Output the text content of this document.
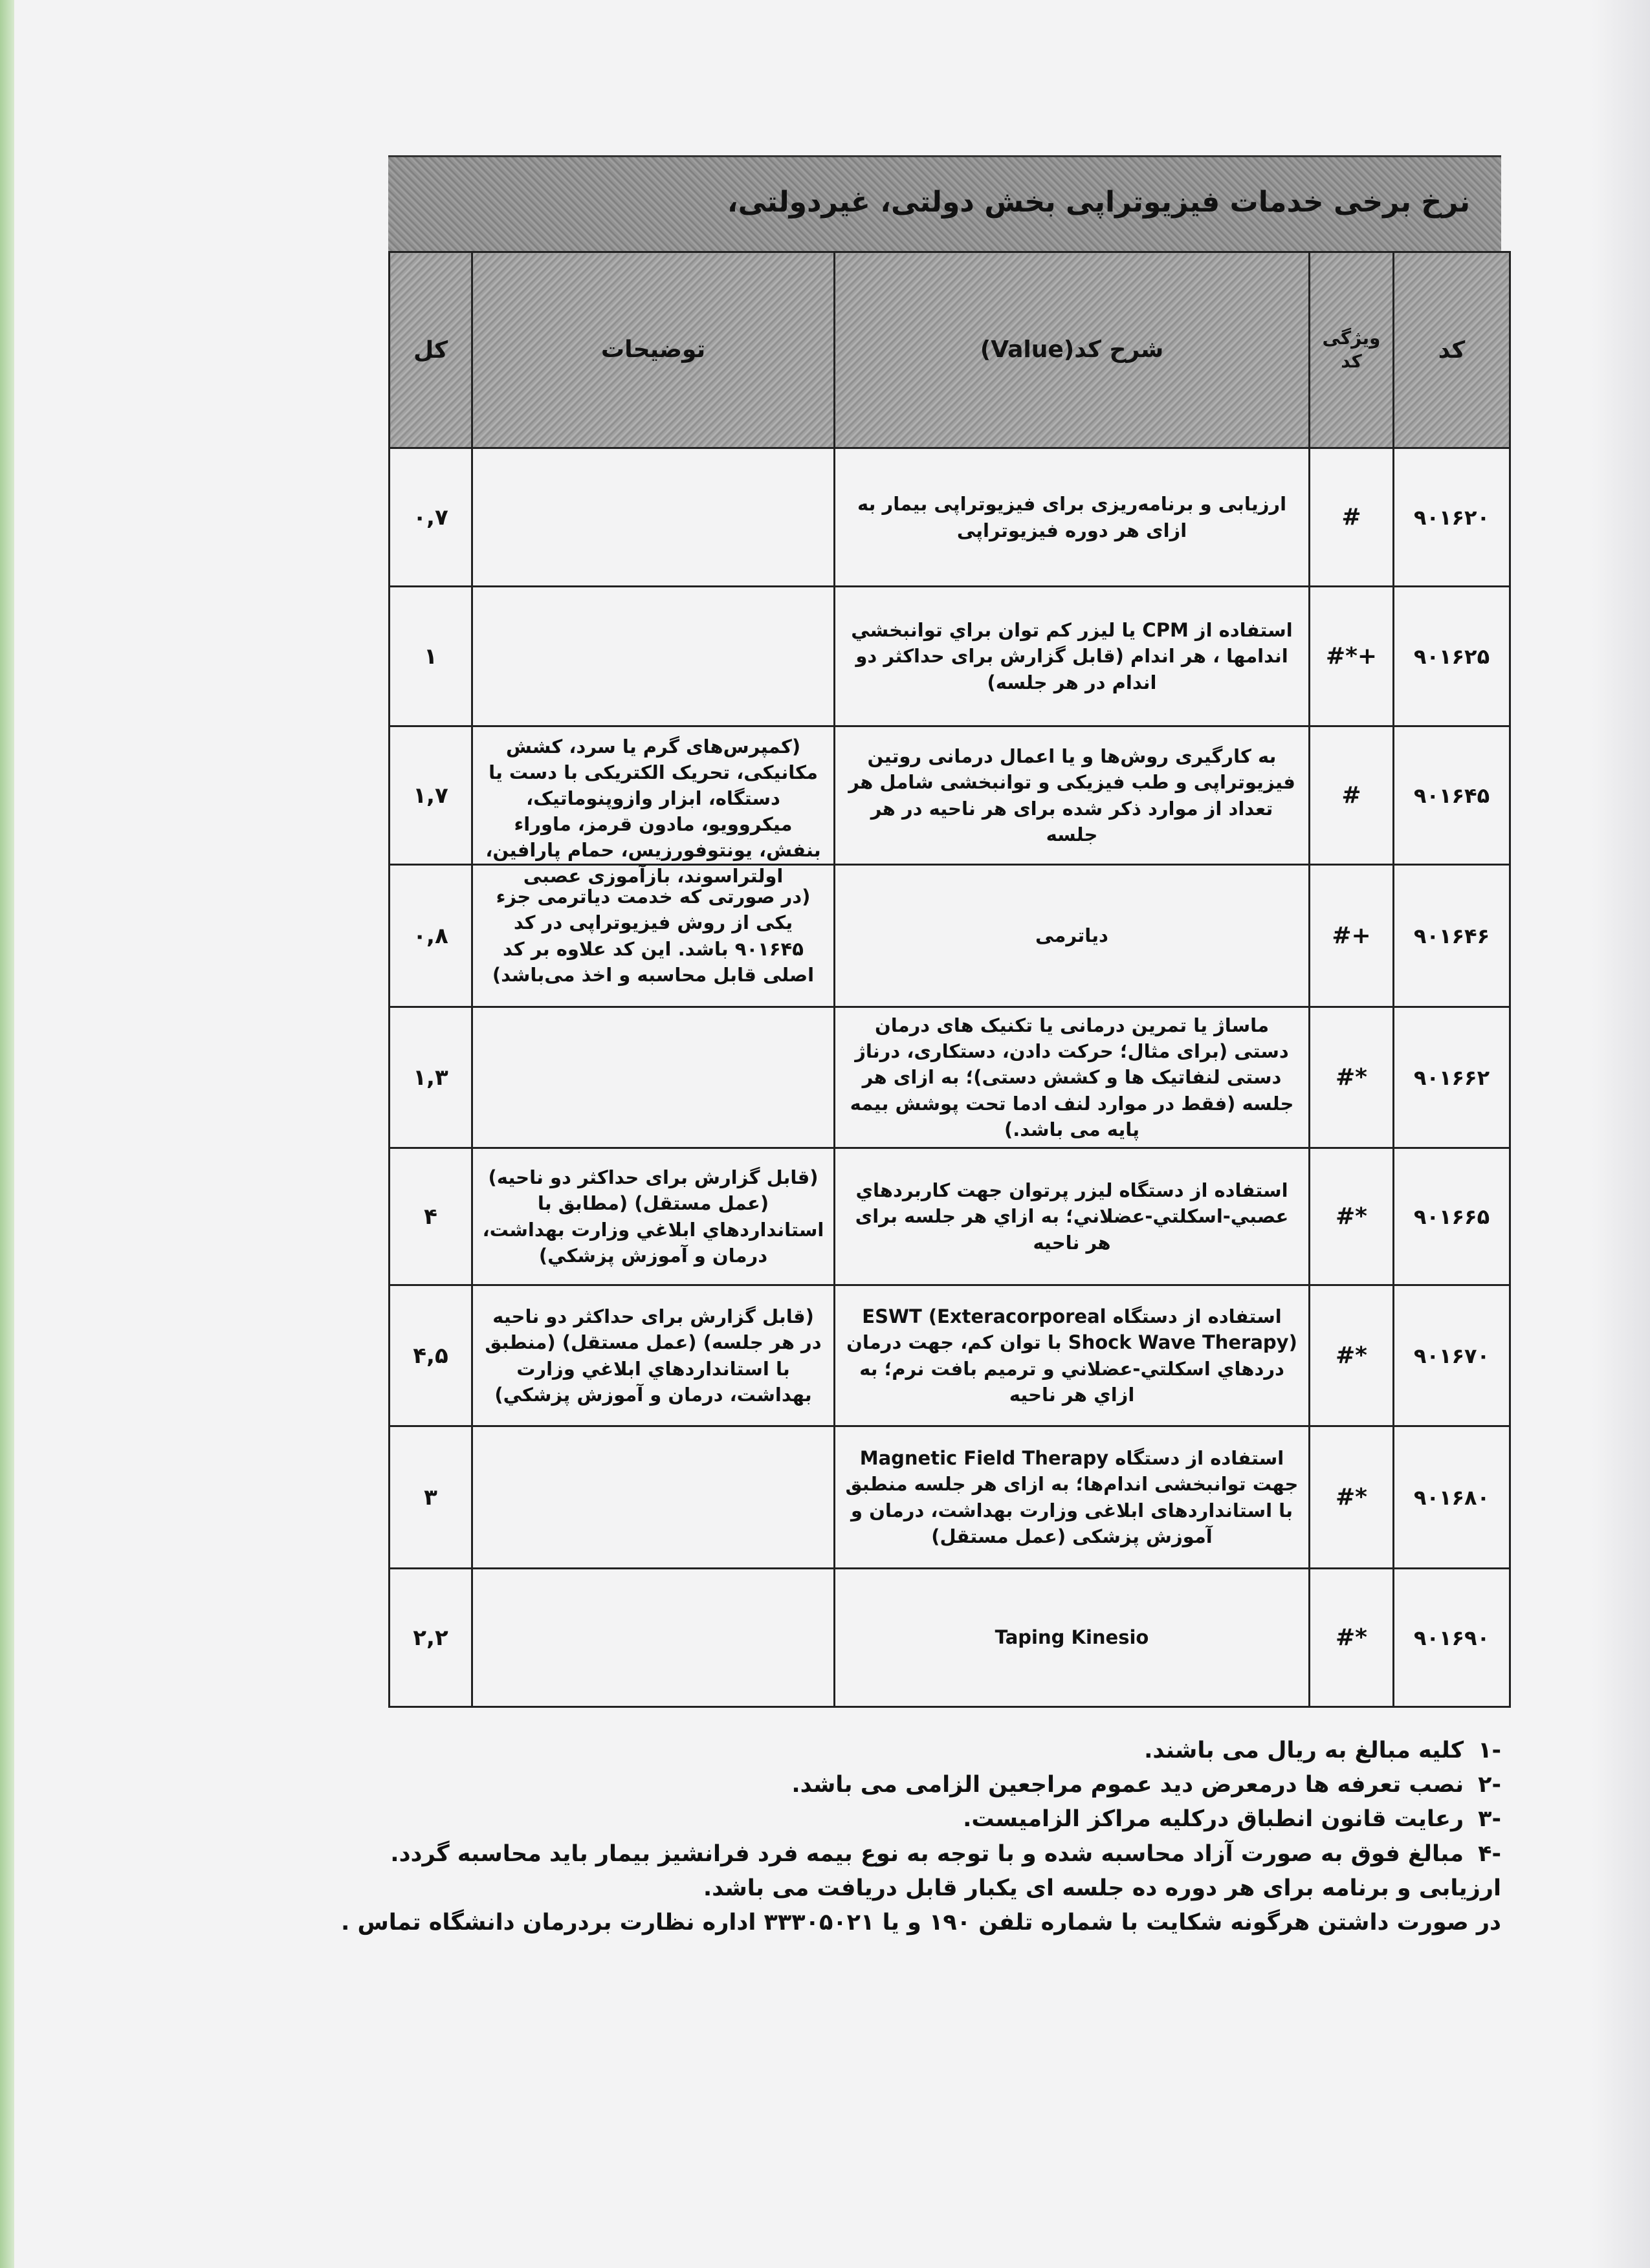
نرخ برخی خدمات فیزیوتراپی بخش دولتی، غیردولتی،
کل	توضیحات	شرح کد(Value)	ویژگی کد	کد
۰,۷		ارزیابی و برنامه‌ریزی برای فیزیوتراپی بیمار به ازای هر دوره فیزیوتراپی	#	۹۰۱۶۲۰
۱		استفاده از CPM یا لیزر کم توان براي توانبخشي اندامها ، هر اندام (قابل گزارش برای حداکثر دو اندام در هر جلسه)	#*+	۹۰۱۶۲۵
۱,۷	(کمپرس‌های گرم یا سرد، کشش مکانیکی، تحریک الکتریکی با دست یا دستگاه، ابزار وازوپنوماتیک، میکروویو، مادون قرمز، ماوراء بنفش، یونتوفورزیس، حمام پارافین، اولتراسوند، بازآموزی عصبی	به کارگیری روش‌ها و یا اعمال درمانی روتین فیزیوتراپی و طب فیزیکی و توانبخشی شامل هر تعداد از موارد ذکر شده برای هر ناحیه در هر جلسه	#	۹۰۱۶۴۵
۰,۸	(در صورتی که خدمت دیاترمی جزء یکی از روش فیزیوتراپی در کد ۹۰۱۶۴۵ باشد. این کد علاوه بر کد اصلی قابل محاسبه و اخذ می‌باشد)	دیاترمی	#+	۹۰۱۶۴۶
۱,۳		ماساژ یا تمرین درمانی یا تکنیک های درمان دستی (برای مثال؛ حرکت دادن، دستکاری، درناژ دستی لنفاتیک ها و کشش دستی)؛ به ازای هر جلسه (فقط در موارد لنف ادما تحت پوشش بیمه پایه می باشد.)	#*	۹۰۱۶۶۲
۴	(قابل گزارش برای حداکثر دو ناحیه) (عمل مستقل) (مطابق با استانداردهاي ابلاغي وزارت بهداشت، درمان و آموزش پزشكي)	استفاده از دستگاه ليزر پرتوان جهت كاربردهاي عصبي-اسكلتي-عضلاني؛ به ازاي هر جلسه برای هر ناحیه	#*	۹۰۱۶۶۵
۴,۵	(قابل گزارش برای حداکثر دو ناحیه در هر جلسه) (عمل مستقل) (منطبق با استانداردهاي ابلاغي وزارت بهداشت، درمان و آموزش پزشكي)	استفاده از دستگاه ESWT (Exteracorporeal Shock Wave Therapy) با توان كم، جهت درمان دردهاي اسكلتي-عضلاني و ترميم بافت نرم؛ به ازاي هر ناحيه	#*	۹۰۱۶۷۰
۳		استفاده از دستگاه Magnetic Field Therapy جهت توانبخشی اندام‌ها؛ به ازای هر جلسه منطبق با استانداردهای ابلاغی وزارت بهداشت، درمان و آموزش پزشکی (عمل مستقل)	#*	۹۰۱۶۸۰
۲,۲		Taping Kinesio	#*	۹۰۱۶۹۰
-۱کلیه مبالغ به ریال می باشند.
-۲نصب تعرفه ها درمعرض دید عموم مراجعین الزامی می باشد.
-۳رعایت قانون انطباق درکلیه مراکز الزامیست.
-۴مبالغ فوق به صورت آزاد محاسبه شده و با توجه به نوع بیمه فرد فرانشیز بیمار باید محاسبه گردد.
ارزیابی و برنامه برای هر دوره ده جلسه ای یکبار قابل دریافت می باشد.
در صورت داشتن هرگونه شکایت با شماره تلفن ۱۹۰ و یا ۳۳۳۰۵۰۲۱ اداره نظارت بردرمان دانشگاه تماس .
